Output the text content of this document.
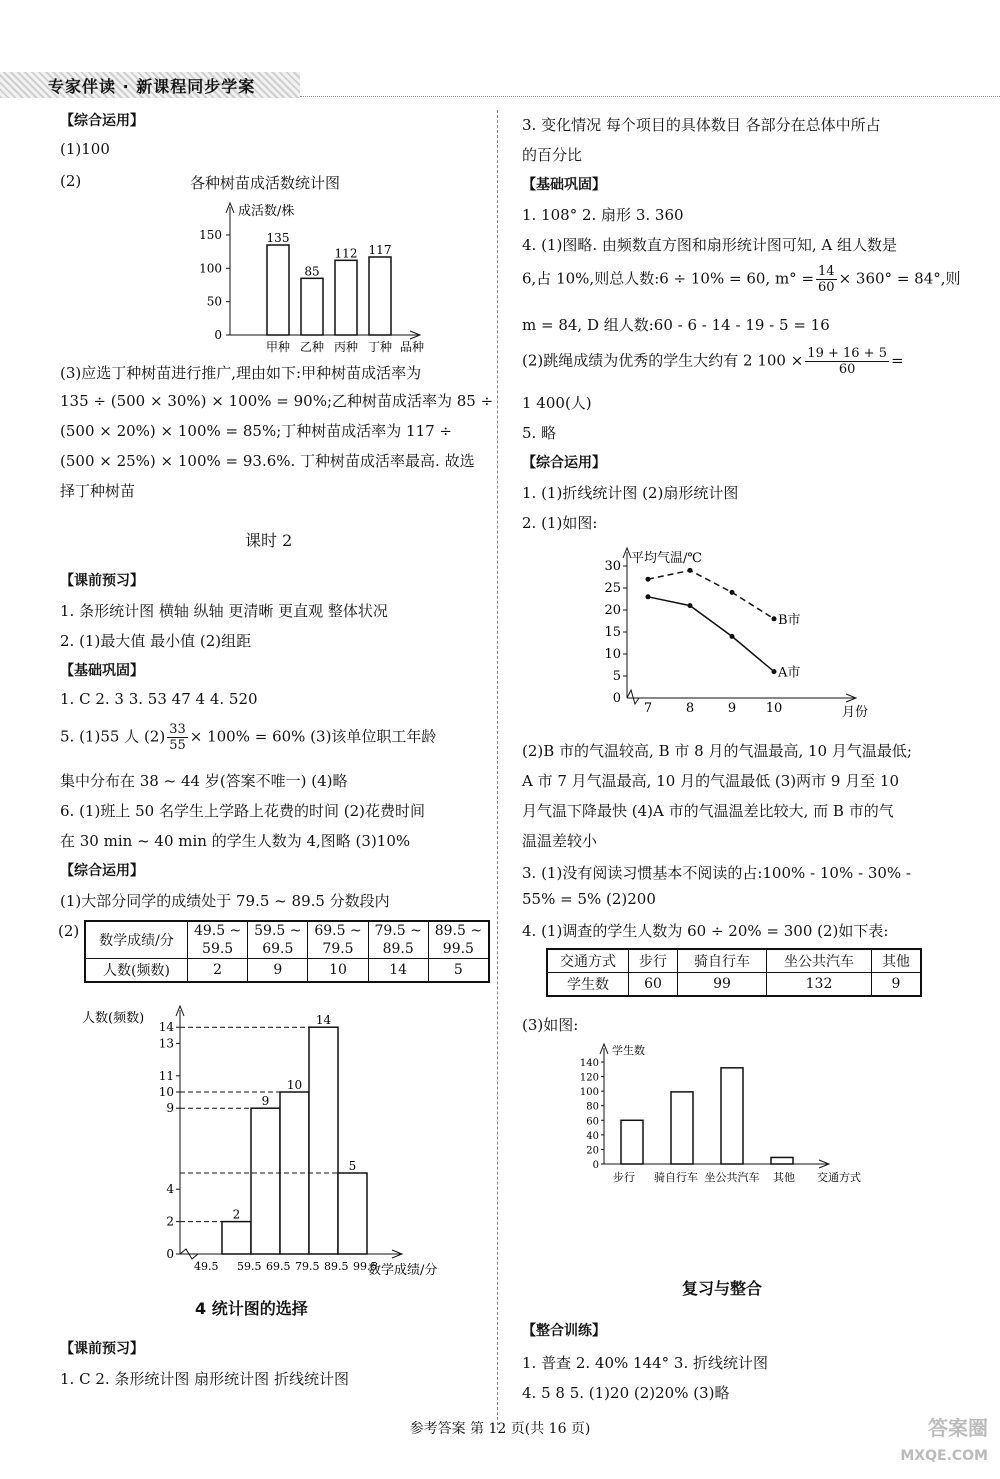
专家伴读 · 新课程同步学案
【综合运用】
(1)100
(2)	各种树苗成活数统计图
成活数/株
品种
0
50
100
150	135
甲种
85
乙种
112
丙种
117
丁种
(3)应选丁种树苗进行推广,理由如下:甲种树苗成活率为
135 ÷ (500 × 30%) × 100% = 90%;乙种树苗成活率为 85 ÷
(500 × 20%) × 100% = 85%;丁种树苗成活率为 117 ÷
(500 × 25%) × 100% = 93.6%. 丁种树苗成活率最高. 故选
择丁种树苗
课时 2
【课前预习】
1. 条形统计图 横轴 纵轴 更清晰 更直观 整体状况
2. (1)最大值 最小值 (2)组距
【基础巩固】
1. C 2. 3 3. 53 47 4 4. 520
5. (1)55 人 $(2) \frac{33}{55} \times 100\% = 60\%$ (3)该单位职工年龄
集中分布在 38 ~ 44 岁(答案不唯一) (4)略
6. (1)班上 50 名学生上学路上花费的时间 (2)花费时间
在 30 min ~ 40 min 的学生人数为 4,图略 (3)10%
【综合运用】
(1)大部分同学的成绩处于 79.5 ~ 89.5 分数段内
(2)
数学成绩/分	49.5 ~	59.5 ~	69.5 ~	79.5 ~	89.5 ~
	59.5	69.5	79.5	89.5	99.5
人数(频数)	2	9	10	14	5
人数(频数)
数学成绩/分
0
2
4
9
10
11
13
14
2
9
10
14
5
49.5 59.5 69.5 79.5 89.5 99.5
4 统计图的选择
【课前预习】
1. C 2. 条形统计图 扇形统计图 折线统计图
3. 变化情况 每个项目的具体数目 各部分在总体中所占
的百分比
【基础巩固】
1. 108° 2. 扇形 3. 360
4. (1)图略. 由频数直方图和扇形统计图可知, A 组人数是
6,占 10%,则总人数:6 ÷ 10% = 60, $m^\circ = \frac{14}{60} \times 360^\circ = 84^\circ$,则
m = 84, D 组人数:60 - 6 - 14 - 19 - 5 = 16
(2)跳绳成绩为优秀的学生大约有 2 $100 \times \frac{19 + 16 + 5}{60}$ =
1 400(人)
5. 略
【综合运用】
1. (1)折线统计图 (2)扇形统计图
2. (1)如图:
平均气温/℃
月份
0
5
10
15
20
25
30
7	8	9 10
B市
A市
(2)B 市的气温较高, B 市 8 月的气温最高, 10 月气温最低;
A 市 7 月气温最高, 10 月的气温最低 (3)两市 9 月至 10
月气温下降最快 (4)A 市的气温温差比较大, 而 B 市的气
温温差较小
3. (1)没有阅读习惯基本不阅读的占:100% - 10% - 30% -
55% = 5% (2)200
4. (1)调查的学生人数为 60 ÷ 20% = 300 (2)如下表:
交通方式	步行	骑自行车	坐公共汽车	其他
学生数	60	99	132	9
(3)如图:
学生数
交通方式
0
20
40
60
80
100
120
140
步行 骑自行车 坐公共汽车 其他
复习与整合
【整合训练】
1. 普查 2. 40% 144° 3. 折线统计图
4. 5 8 5. (1)20 (2)20% (3)略
参考答案 第 12 页(共 16 页)	答案圈
MXQE.COM
